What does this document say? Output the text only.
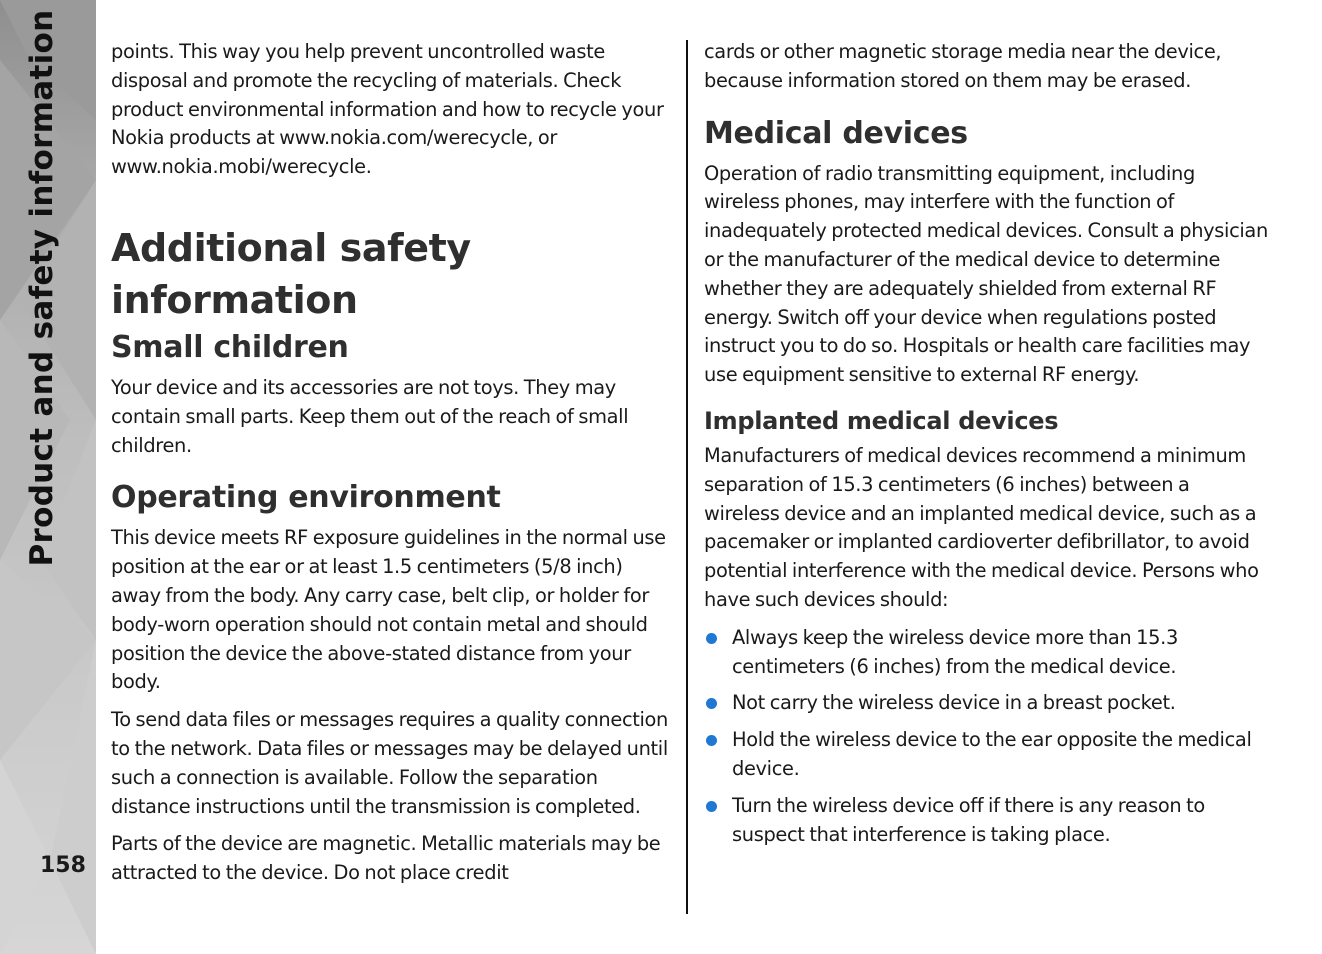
Product and safety information
158

points. This way you help prevent uncontrolled waste disposal and promote the recycling of materials. Check product environmental information and how to recycle your Nokia products at www.nokia.com/werecycle, or www.nokia.mobi/werecycle.

Additional safety information
Small children

Your device and its accessories are not toys. They may contain small parts. Keep them out of the reach of small children.

Operating environment

This device meets RF exposure guidelines in the normal use position at the ear or at least 1.5 centimeters (5/8 inch) away from the body. Any carry case, belt clip, or holder for body-worn operation should not contain metal and should position the device the above-stated distance from your body.

To send data files or messages requires a quality connection to the network. Data files or messages may be delayed until such a connection is available. Follow the separation distance instructions until the transmission is completed.

Parts of the device are magnetic. Metallic materials may be attracted to the device. Do not place credit

cards or other magnetic storage media near the device, because information stored on them may be erased.

Medical devices

Operation of radio transmitting equipment, including wireless phones, may interfere with the function of inadequately protected medical devices. Consult a physician or the manufacturer of the medical device to determine whether they are adequately shielded from external RF energy. Switch off your device when regulations posted instruct you to do so. Hospitals or health care facilities may use equipment sensitive to external RF energy.

Implanted medical devices

Manufacturers of medical devices recommend a minimum separation of 15.3 centimeters (6 inches) between a wireless device and an implanted medical device, such as a pacemaker or implanted cardioverter defibrillator, to avoid potential interference with the medical device. Persons who have such devices should:

Always keep the wireless device more than 15.3 centimeters (6 inches) from the medical device.
Not carry the wireless device in a breast pocket.
Hold the wireless device to the ear opposite the medical device.
Turn the wireless device off if there is any reason to suspect that interference is taking place.
